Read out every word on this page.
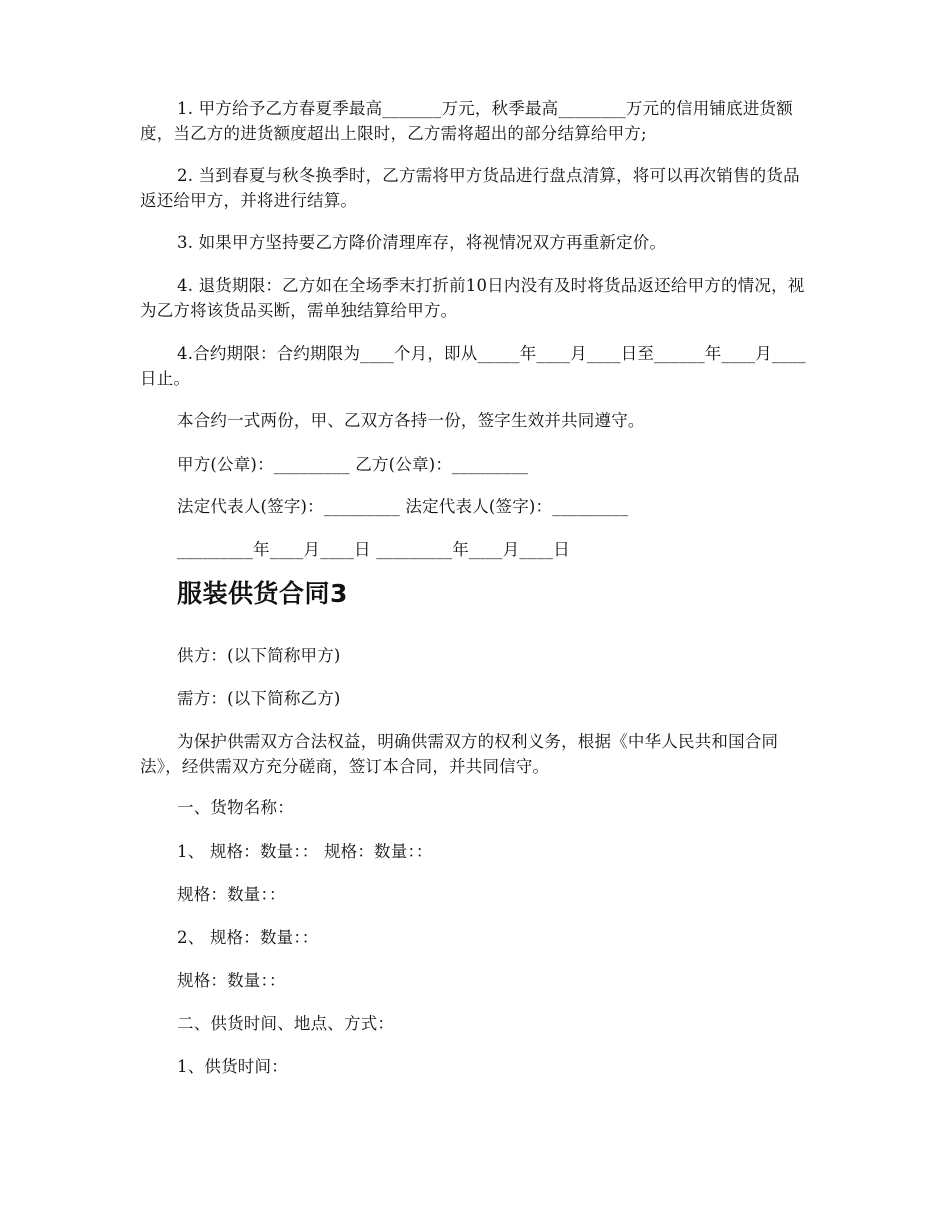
1. 甲方给予乙方春夏季最高_______万元，秋季最高________万元的信用铺底进货额度，当乙方的进货额度超出上限时，乙方需将超出的部分结算给甲方;
2. 当到春夏与秋冬换季时，乙方需将甲方货品进行盘点清算，将可以再次销售的货品返还给甲方，并将进行结算。
3. 如果甲方坚持要乙方降价清理库存，将视情况双方再重新定价。
4. 退货期限：乙方如在全场季末打折前10日内没有及时将货品返还给甲方的情况，视为乙方将该货品买断，需单独结算给甲方。
4.合约期限：合约期限为____个月，即从_____年____月____日至______年____月____日止。
本合约一式两份，甲、乙双方各持一份，签字生效并共同遵守。
甲方(公章)：_________ 乙方(公章)：_________
法定代表人(签字)：_________ 法定代表人(签字)：_________
_________年____月____日 _________年____月____日
服装供货合同3
供方：(以下简称甲方)
需方：(以下简称乙方)
为保护供需双方合法权益，明确供需双方的权利义务，根据《中华人民共和国合同法》，经供需双方充分磋商，签订本合同，并共同信守。
一、货物名称：
1、 规格：数量：： 规格：数量：：
规格：数量：：
2、 规格：数量：：
规格：数量：：
二、供货时间、地点、方式：
1、供货时间：
